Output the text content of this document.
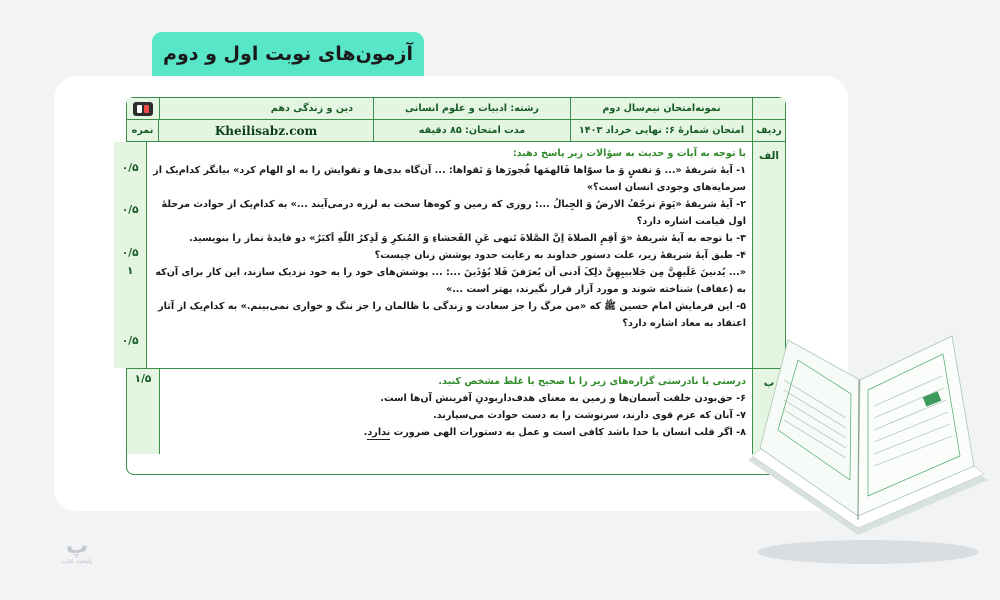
آزمون‌های نوبت اول و دوم
نمونه‌امتحان نیم‌سال دوم
رشته: ادبیات و علوم انسانی
دین و زندگی دهم
ردیف
امتحان شمارهٔ ۶: نهایی خرداد ۱۴۰۳
مدت امتحان: ۸۵ دقیقه
Kheilisabz.com
نمره
الف
با توجه به آیات و حدیث به سؤالات زیر پاسخ دهید:
۱- آیۀ شریفۀ «... وَ نفسٍ وَ ما سوّاها فَالهمَها فُجورَها وَ تَقواها: ... آن‌گاه بدی‌ها و تقوایش را به او الهام کرد» بیانگر کدام‌یک از
سرمایه‌های وجودی انسان است؟»
۲- آیۀ شریفۀ «یَومَ ترجُفُ الارضُ وَ الجِبالُ ...: روزی که زمین و کوه‌ها سخت به لرزه درمی‌آیند ...» به کدام‌یک از حوادث مرحلۀ
اول قیامت اشاره دارد؟
۳- با توجه به آیۀ شریفۀ «وَ اَقِمِ الصلاةَ اِنَّ الصَّلاةَ تَنهی عَنِ الفَحشاءِ وَ المُنکرِ وَ لَذِکرُ اللّهِ اَکبَرُ» دو فایدۀ نماز را بنویسید.
۴- طبق آیۀ شریفۀ زیر، علت دستور خداوند به رعایت حدود پوشش زنان چیست؟
«... یُدنینَ عَلَیهِنَّ مِن جَلابیبِهِنَّ ذلِکَ اَدنی اَن یُعرَفنَ فَلا یُؤذَینَ ...: ... پوشش‌های خود را به خود نزدیک سازند، این کار برای آن‌که
به (عفاف) شناخته شوند و مورد آزار قرار نگیرند، بهتر است ...»
۵- این فرمایش امام حسین ﷺ که «من مرگ را جز سعادت و زندگی با ظالمان را جز ننگ و خواری نمی‌بینم.» به کدام‌یک از آثار
اعتقاد به معاد اشاره دارد؟
۰/۵
۰/۵
۰/۵
۱
۰/۵
ب
درستی یا نادرستی گزاره‌های زیر را با صحیح یا غلط مشخص کنید.
۶- حق‌بودن خلقت آسمان‌ها و زمین به معنای هدف‌داربودنِ آفرینش آن‌ها است.
۷- آنان که عزم قوی دارند، سرنوشت را به دست حوادث می‌سپارند.
۸- اگر قلب انسان با خدا باشد کافی است و عمل به دستورات الهی ضرورت ندارد.
۱/۵
پ
پایتخت کتاب
